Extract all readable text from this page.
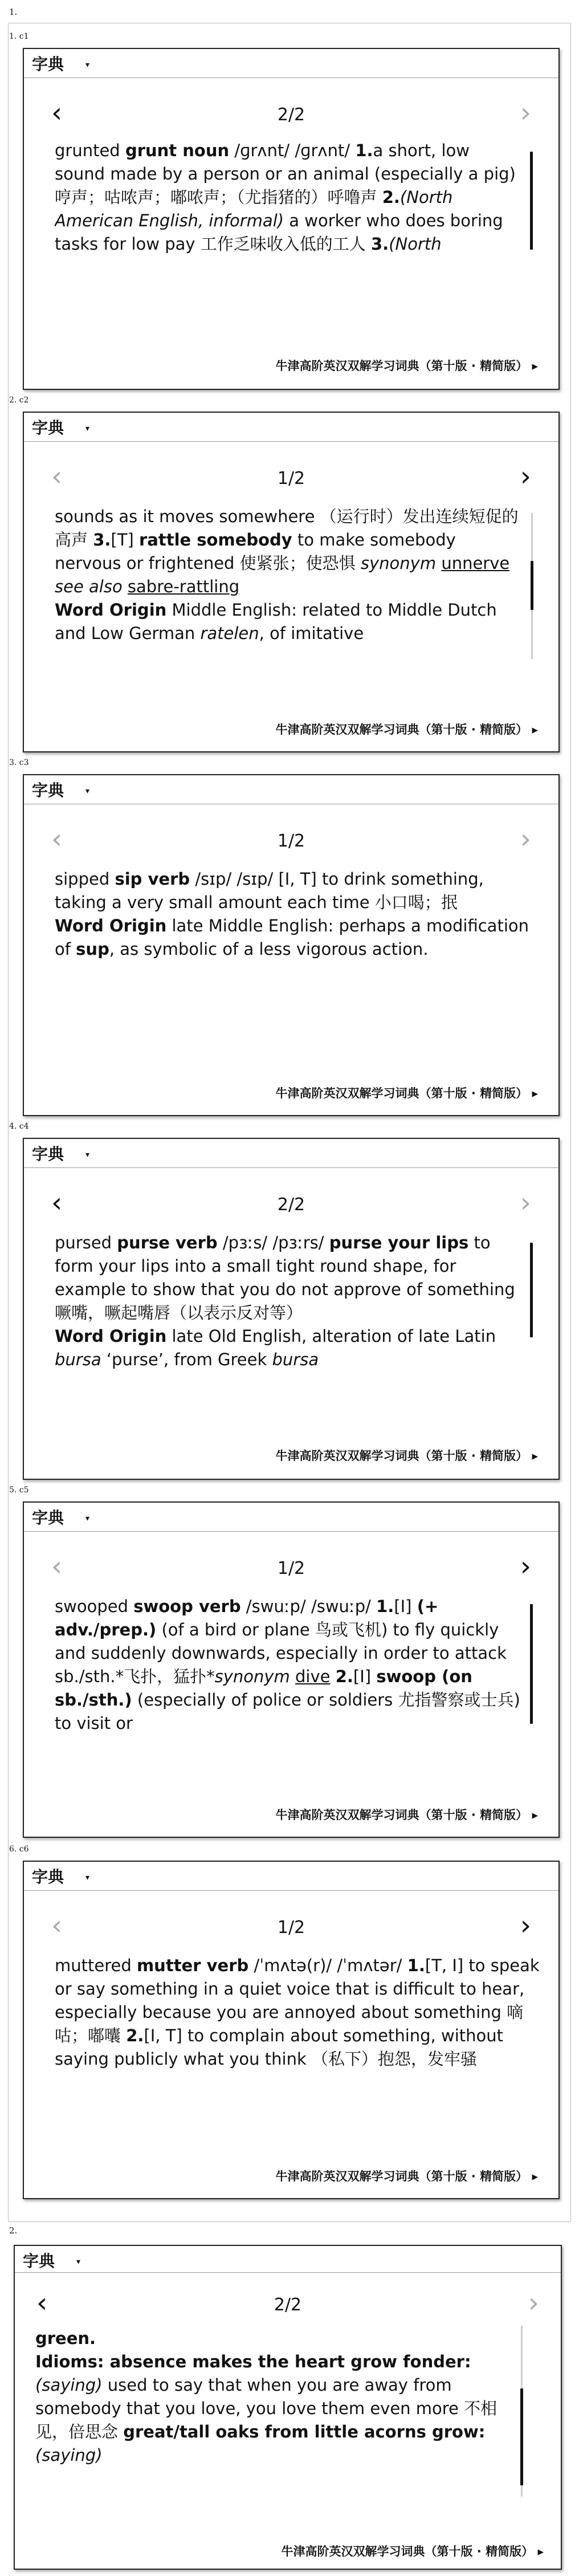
1.
1. c1
字典	▾
‹	2/2	›
grunted grunt noun /ɡrʌnt/ /ɡrʌnt/ 1.a short, low sound made by a person or an animal (especially a pig) 哼声；咕哝声；嘟哝声；（尤指猪的）呼噜声 2.(North American English, informal) a worker who does boring tasks for low pay 工作乏味收入低的工人 3.(North
牛津高阶英汉双解学习词典（第十版 · 精简版） ▸
2. c2
字典	▾
‹	1/2	›
sounds as it moves somewhere （运行时）发出连续短促的高声 3.[T] rattle somebody to make somebody nervous or frightened 使紧张；使恐惧 synonym unnerve see also sabre-rattling
Word Origin Middle English: related to Middle Dutch and Low German ratelen, of imitative
牛津高阶英汉双解学习词典（第十版 · 精简版） ▸
3. c3
字典	▾
‹	1/2	›
sipped sip verb /sɪp/ /sɪp/ [I, T] to drink something, taking a very small amount each time 小口喝；抿
Word Origin late Middle English: perhaps a modification of sup, as symbolic of a less vigorous action.
牛津高阶英汉双解学习词典（第十版 · 精简版） ▸
4. c4
字典	▾
‹	2/2	›
pursed purse verb /pɜːs/ /pɜːrs/ purse your lips to form your lips into a small tight round shape, for example to show that you do not approve of something 噘嘴，噘起嘴唇（以表示反对等）
Word Origin late Old English, alteration of late Latin bursa ‘purse’, from Greek bursa
牛津高阶英汉双解学习词典（第十版 · 精简版） ▸
5. c5
字典	▾
‹	1/2	›
swooped swoop verb /swuːp/ /swuːp/ 1.[I] (+ adv./prep.) (of a bird or plane 鸟或飞机) to fly quickly and suddenly downwards, especially in order to attack sb./sth.*飞扑，猛扑*synonym dive 2.[I] swoop (on sb./sth.) (especially of police or soldiers 尤指警察或士兵) to visit or
牛津高阶英汉双解学习词典（第十版 · 精简版） ▸
6. c6
字典	▾
‹	1/2	›
muttered mutter verb /ˈmʌtə(r)/ /ˈmʌtər/ 1.[T, I] to speak or say something in a quiet voice that is difficult to hear, especially because you are annoyed about something 嘀咕；嘟囔 2.[I, T] to complain about something, without saying publicly what you think （私下）抱怨，发牢骚
牛津高阶英汉双解学习词典（第十版 · 精简版） ▸
2.
字典	▾
‹	2/2	›
green.
Idioms: absence makes the heart grow fonder: (saying) used to say that when you are away from somebody that you love, you love them even more 不相见，倍思念 great/tall oaks from little acorns grow: (saying)
牛津高阶英汉双解学习词典（第十版 · 精简版） ▸
